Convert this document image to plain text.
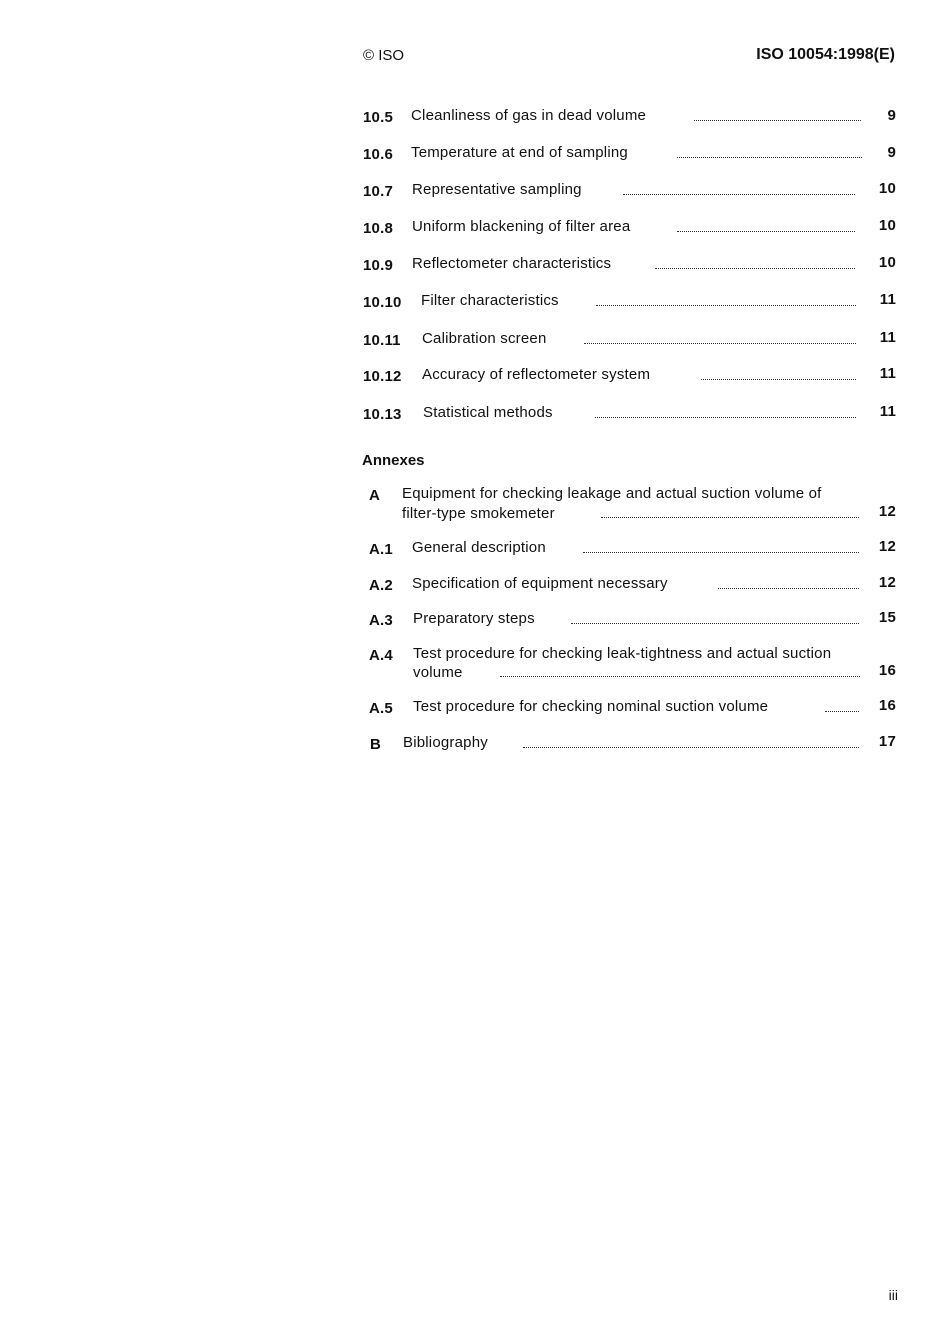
© ISO	ISO 10054:1998(E)
10.5 Cleanliness of gas in dead volume	9
10.6 Temperature at end of sampling	9
10.7 Representative sampling	10
10.8 Uniform blackening of filter area	10
10.9 Reflectometer characteristics	10
10.10 Filter characteristics	11
10.11 Calibration screen	11
10.12 Accuracy of reflectometer system	11
10.13 Statistical methods	11
Annexes
A Equipment for checking leakage and actual suction volume of
filter-type smokemeter	12
A.1 General description	12
A.2 Specification of equipment necessary	12
A.3 Preparatory steps	15
A.4 Test procedure for checking leak-tightness and actual suction
volume	16
A.5 Test procedure for checking nominal suction volume	16
B Bibliography	17
iii
